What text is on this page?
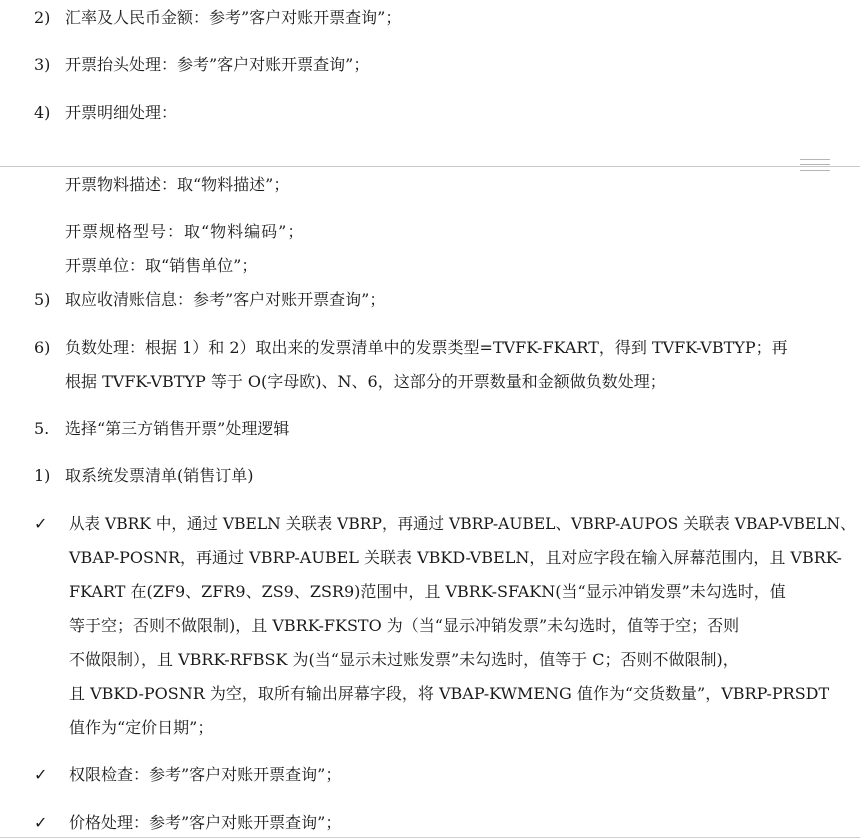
2) 汇率及人民币金额：参考”客户对账开票查询”；
3) 开票抬头处理：参考”客户对账开票查询”；
4) 开票明细处理：
开票物料描述：取“物料描述”；
开票规格型号：取“物料编码”；
开票单位：取“销售单位”；
5) 取应收清账信息：参考”客户对账开票查询”；
6) 负数处理：根据 1）和 2）取出来的发票清单中的发票类型=TVFK-FKART，得到 TVFK-VBTYP；再
根据 TVFK-VBTYP 等于 O(字母欧)、N、6，这部分的开票数量和金额做负数处理；
5. 选择“第三方销售开票”处理逻辑
1) 取系统发票清单(销售订单)
✓ 从表 VBRK 中，通过 VBELN 关联表 VBRP，再通过 VBRP-AUBEL、VBRP-AUPOS 关联表 VBAP-VBELN、
VBAP-POSNR，再通过 VBRP-AUBEL 关联表 VBKD-VBELN，且对应字段在输入屏幕范围内，且 VBRK-
FKART 在(ZF9、ZFR9、ZS9、ZSR9)范围中，且 VBRK-SFAKN(当“显示冲销发票”未勾选时，值
等于空；否则不做限制)，且 VBRK-FKSTO 为（当“显示冲销发票”未勾选时，值等于空；否则
不做限制），且 VBRK-RFBSK 为(当“显示未过账发票”未勾选时，值等于 C；否则不做限制)，
且 VBKD-POSNR 为空，取所有输出屏幕字段，将 VBAP-KWMENG 值作为“交货数量”，VBRP-PRSDT
值作为“定价日期”；
✓ 权限检查：参考”客户对账开票查询”；
✓ 价格处理：参考”客户对账开票查询”；
